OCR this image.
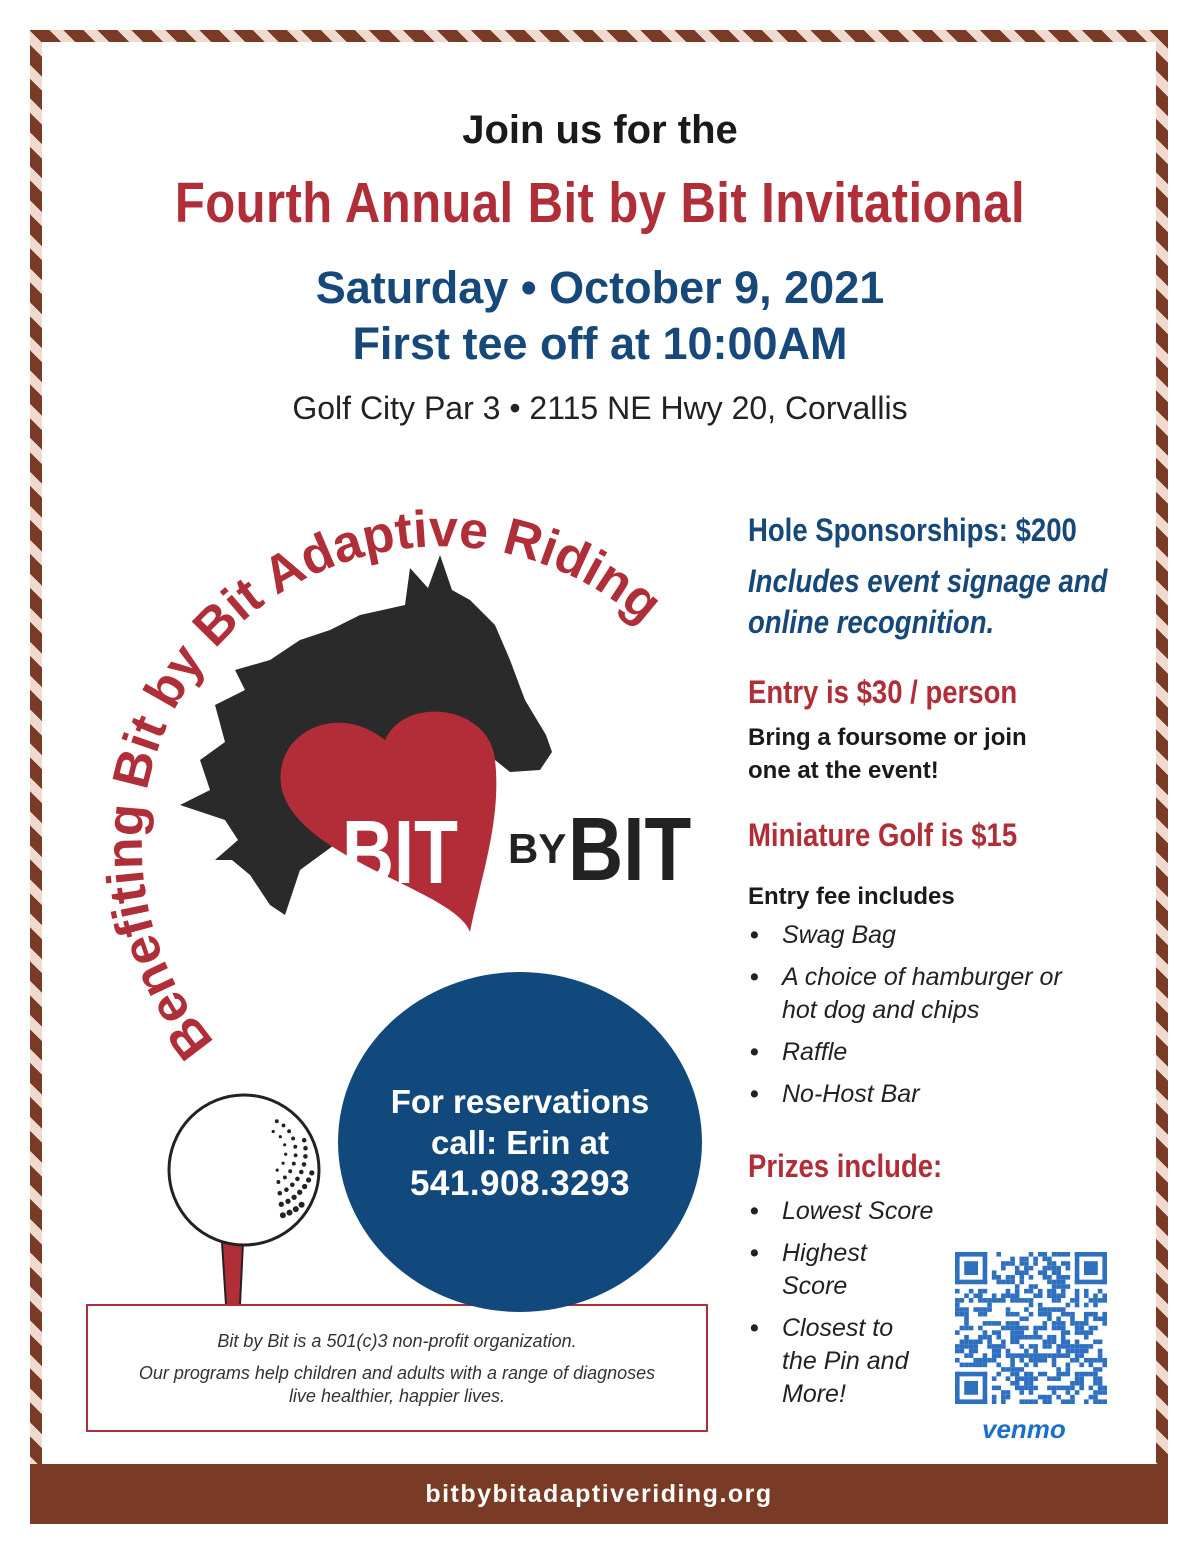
Join us for the
Fourth Annual Bit by Bit Invitational
Saturday • October 9, 2021
First tee off at 10:00AM
Golf City Par 3 • 2115 NE Hwy 20, Corvallis
Benefiting Bit by Bit Adaptive Riding
BIT BY BIT
Hole Sponsorships: $200
Includes event signage and
online recognition.
Entry is $30 / person
Bring a foursome or join
one at the event!
Miniature Golf is $15
Entry fee includes
• Swag Bag
• A choice of hamburger or
hot dog and chips
• Raffle
• No-Host Bar
Prizes include:
• Lowest Score
• Highest
Score
• Closest to
the Pin and
More!
venmo

Bit by Bit is a 501(c)3 non-profit organization.

Our programs help children and adults with a range of diagnoses

live healthier, happier lives.

For reservations
call: Erin at
541.908.3293
bitbybitadaptiveriding.org
